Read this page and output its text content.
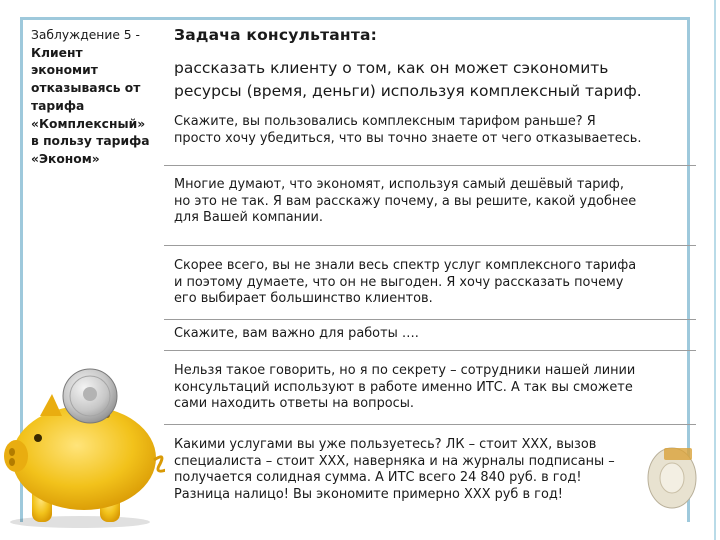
Заблуждение 5 -
Клиент
экономит
отказываясь от
тарифа
«Комплексный»
в пользу тарифа
«Эконом»
Задача консультанта:
рассказать клиенту о том, как он может сэкономить
ресурсы (время, деньги) используя комплексный тариф.
Скажите, вы пользовались комплексным тарифом раньше? Я
просто хочу убедиться, что вы точно знаете от чего отказываетесь.
Многие думают, что экономят, используя самый дешёвый тариф,
но это не так. Я вам расскажу почему, а вы решите, какой удобнее
для Вашей компании.
Скорее всего, вы не знали весь спектр услуг комплексного тарифа
и поэтому думаете, что он не выгоден. Я хочу рассказать почему
его выбирает большинство клиентов.
Скажите, вам важно для работы ….
Нельзя такое говорить, но я по секрету – сотрудники нашей линии
консультаций используют в работе именно ИТС. А так вы сможете
сами находить ответы на вопросы.
Какими услугами вы уже пользуетесь? ЛК – стоит ХХХ, вызов
специалиста – стоит ХХХ, наверняка и на журналы подписаны –
получается солидная сумма. А ИТС всего 24 840 руб. в год!
Разница налицо! Вы экономите примерно ХХХ руб в год!
